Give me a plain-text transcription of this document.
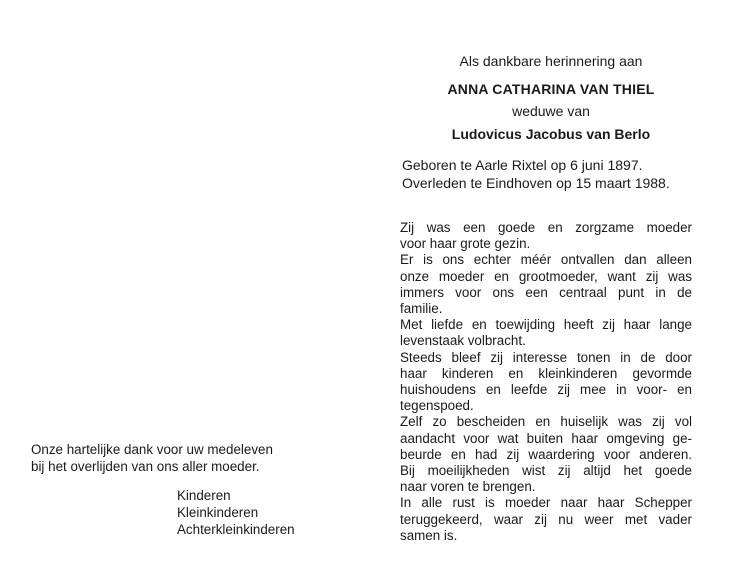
Als dankbare herinnering aan

ANNA CATHARINA VAN THIEL

weduwe van

Ludovicus Jacobus van Berlo

Geboren te Aarle Rixtel op 6 juni 1897.

Overleden te Eindhoven op 15 maart 1988.

Zij was een goede en zorgzame moeder

voor haar grote gezin.

Er is ons echter méér ontvallen dan alleen

onze moeder en grootmoeder, want zij was

immers voor ons een centraal punt in de

familie.

Met liefde en toewijding heeft zij haar lange

levenstaak volbracht.

Steeds bleef zij interesse tonen in de door

haar kinderen en kleinkinderen gevormde

huishoudens en leefde zij mee in voor- en

tegenspoed.

Zelf zo bescheiden en huiselijk was zij vol

aandacht voor wat buiten haar omgeving ge-

beurde en had zij waardering voor anderen.

Bij moeilijkheden wist zij altijd het goede

naar voren te brengen.

In alle rust is moeder naar haar Schepper

teruggekeerd, waar zij nu weer met vader

samen is.

Onze hartelijke dank voor uw medeleven

bij het overlijden van ons aller moeder.

Kinderen

Kleinkinderen

Achterkleinkinderen
